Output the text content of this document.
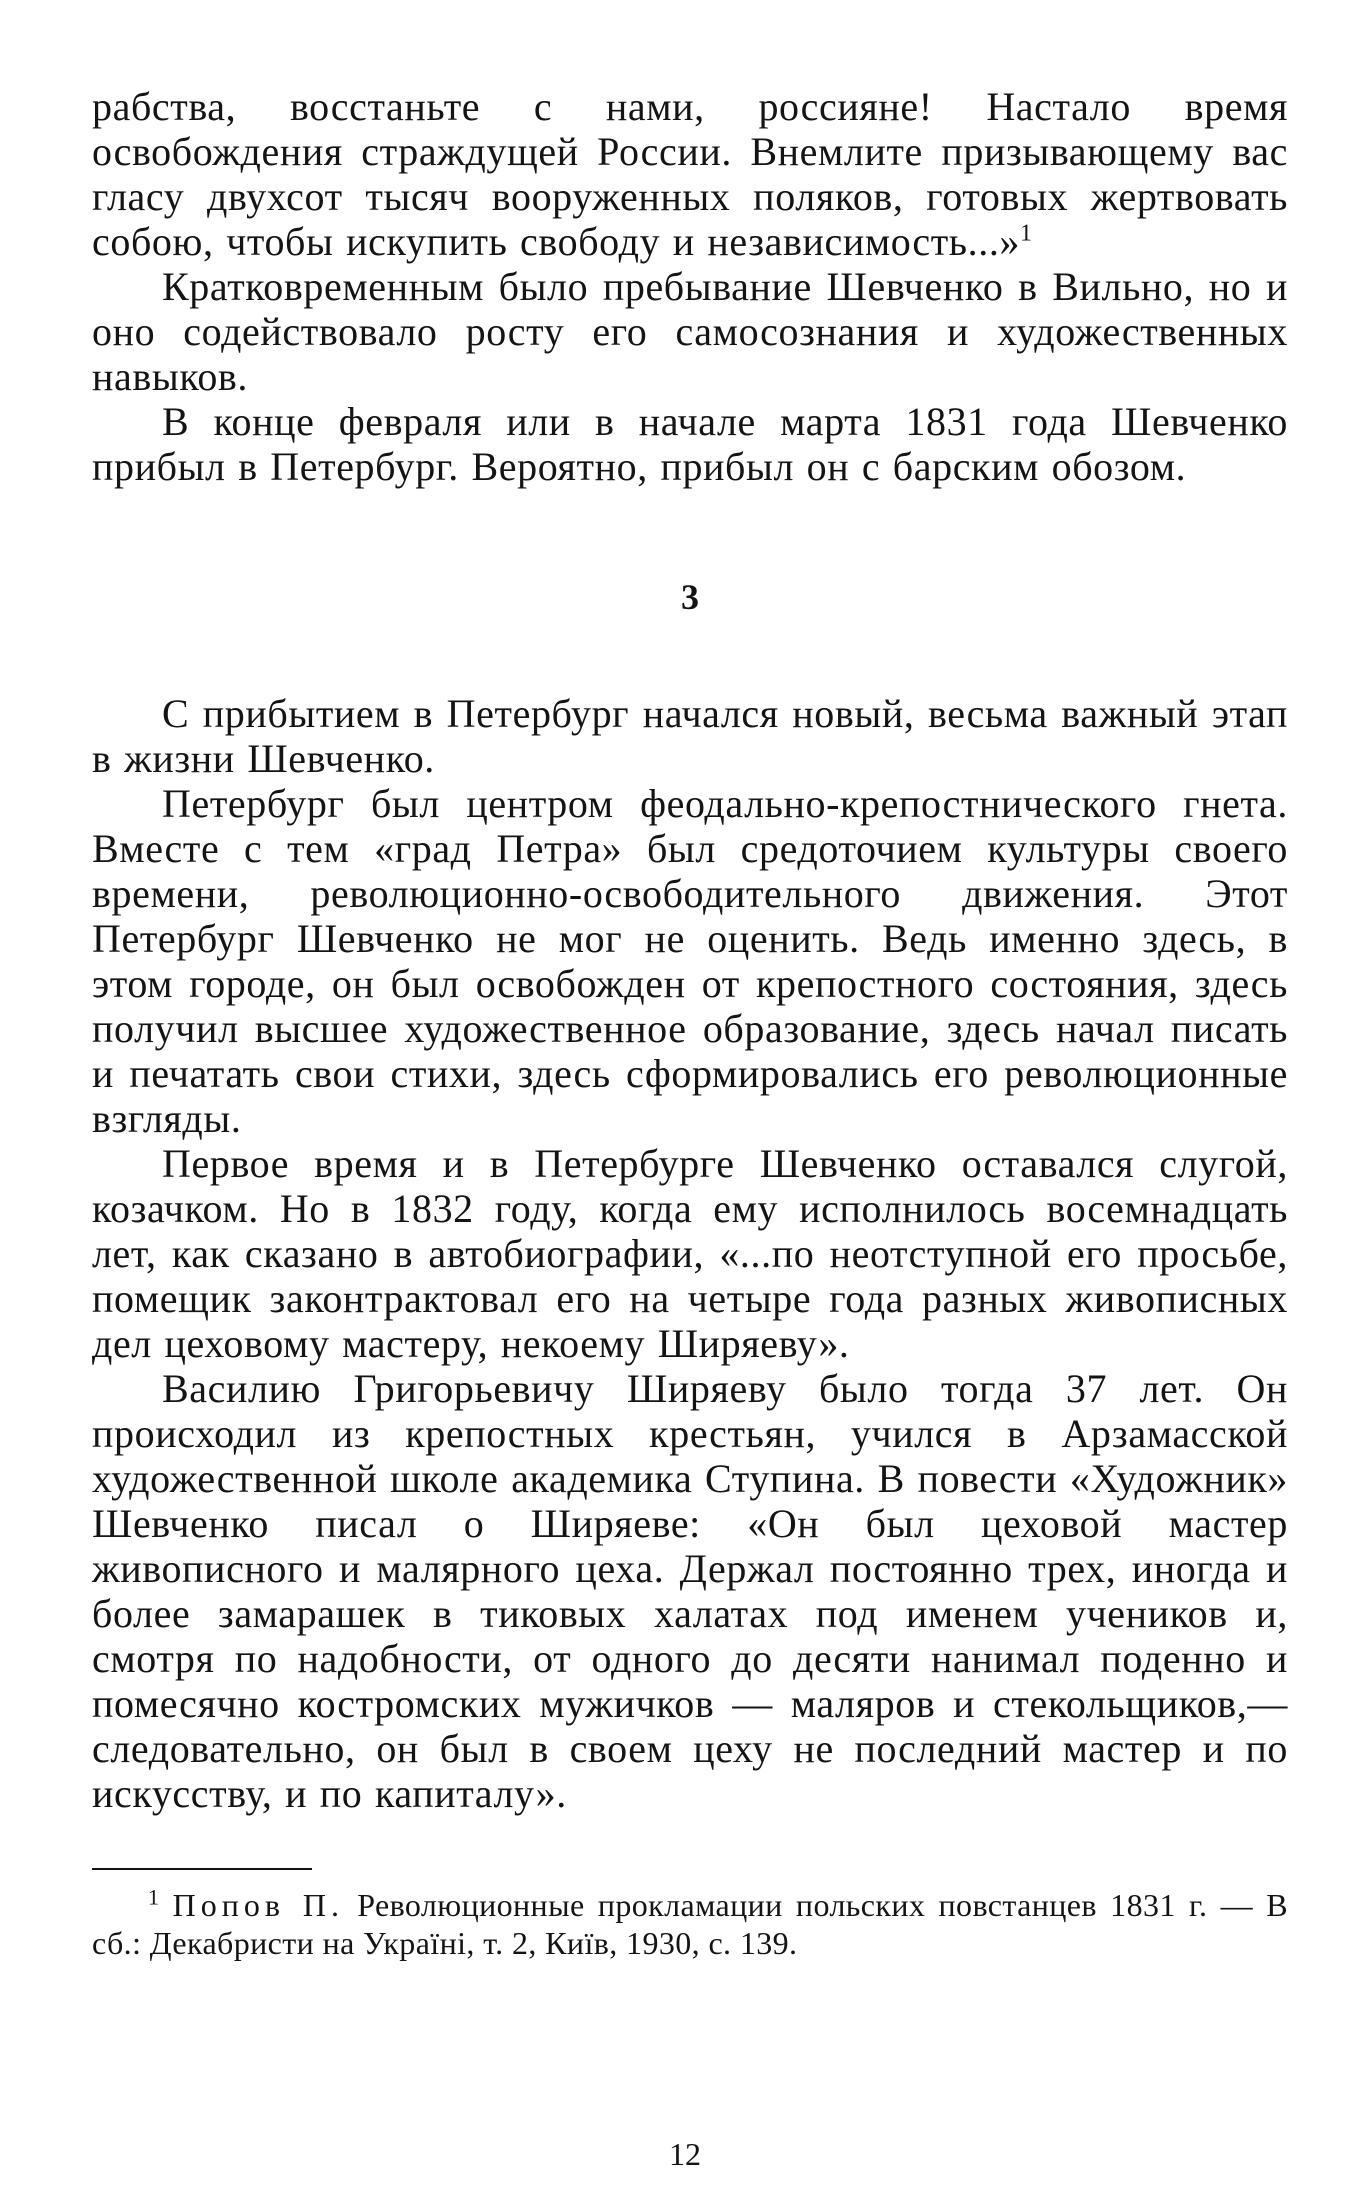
рабства, восстаньте с нами, россияне! Настало время освобождения страждущей России. Внемлите призывающему вас гласу двухсот тысяч вооруженных поляков, готовых жертвовать собою, чтобы искупить свободу и независимость...»$^1$

Кратковременным было пребывание Шевченко в Вильно, но и оно содействовало росту его самосознания и художественных навыков.

В конце февраля или в начале марта 1831 года Шевченко прибыл в Петербург. Вероятно, прибыл он с барским обозом.

3

С прибытием в Петербург начался новый, весьма важный этап в жизни Шевченко.

Петербург был центром феодально-крепостнического гнета. Вместе с тем «град Петра» был средоточием культуры своего времени, революционно-освободительного движения. Этот Петербург Шевченко не мог не оценить. Ведь именно здесь, в этом городе, он был освобожден от крепостного состояния, здесь получил высшее художественное образование, здесь начал писать и печатать свои стихи, здесь сформировались его революционные взгляды.

Первое время и в Петербурге Шевченко оставался слугой, козачком. Но в 1832 году, когда ему исполнилось восемнадцать лет, как сказано в автобиографии, «...по неотступной его просьбе, помещик законтрактовал его на четыре года разных живописных дел цеховому мастеру, некоему Ширяеву».

Василию Григорьевичу Ширяеву было тогда 37 лет. Он происходил из крепостных крестьян, учился в Арзамасской художественной школе академика Ступина. В повести «Художник» Шевченко писал о Ширяеве: «Он был цеховой мастер живописного и малярного цеха. Держал постоянно трех, иногда и более замарашек в тиковых халатах под именем учеников и, смотря по надобности, от одного до десяти нанимал поденно и помесячно костромских мужичков — маляров и стекольщиков,— следовательно, он был в своем цеху не последний мастер и по искусству, и по капиталу».

$^1$ Попов П. Революционные прокламации польских повстанцев 1831 г. — В сб.: Декабристи на Україні, т. 2, Київ, 1930, с. 139.

12
